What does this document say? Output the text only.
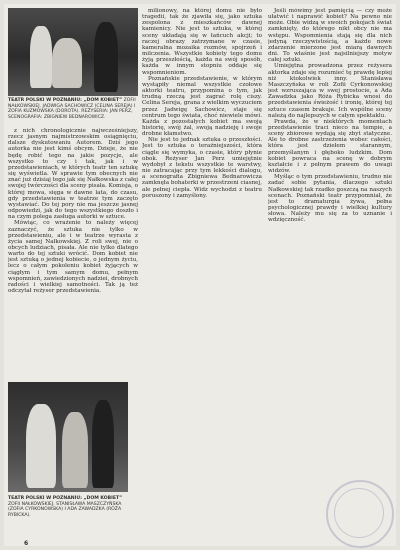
TEATR POLSKI W POZNANIU: „DOM KOBIET” ZOFII NAŁKOWSKIEJ. JADWIGA SACHOWICZ (CELINA SEREJA) I ZOFIA KUZMOWSKA (DOROTA). REŻYSERIA: JAN PERZ, SCENOGRAFIA: ZBIGNIEW BEDNAROWICZ.

z nich chronologicznie najwcześniejszy, rzecz jasnym najmistrzowskim osiągnięciu, dalsze dyskutowaniu Autorem. Dziś jego autorka nie jest kimś obcym. Dzieje, że nie będę robić tego na jakie pozycje, ale wszystko to czy i tak, jak i w przedstawieniach, w których teatr ten sztukę się wyświetla. W sprawie tym obecnych nie znać już dzisiaj tego jak się Nałkowska z całej swojej twórczości dla sceny pisała. Komisja, o której mowa, sięga w dawne lata, do czasu, gdy przedstawienia w teatrze tym zaczęto wystawiać. Do tej pory nie ma jeszcze jasnej odpowiedzi, jak do tego wszystkiego doszło i na czym polega zasługa autorki w sztuce.

Mówiąc, co wrażenie to należy więcej zaznaczyć, że sztuka nie tylko w przedstawieniu, ale i w teatrze wyrasta z życia samej Nałkowskiej. Z roli swej, nie o obcych ludziach, pisała. Ale nie tylko dlatego warto do tej sztuki wrócić. Dom kobiet nie jest sztuką o jednej kobiecie, o jednym życiu, lecz o całym pokoleniu kobiet żyjących w ciągłym i tym samym domu, pełnym wspomnień, zawiedzionych nadziei, drobnych radości i wielkiej samotności. Tak ją też odczytał reżyser przedstawienia.

TEATR POLSKI W POZNANIU: „DOM KOBIET” ZOFII NAŁKOWSKIEJ. STANISŁAWA MASZCZYŃSKA (ZOFIA CYRKONOWSKA) I ADA ZAWADZKA (RÓŻA RYBICKA).

milionowy, na której domu nie było tragedii, tak że zjawiła się, jako sztuka zespolona z mieszkańców dawnej kamienicy. Nie jest to sztuka, w której sceny układają się w łańcuch akcji; to raczej obrazy zatrzymane w czasie, kameralna mozaika rozmów, spojrzeń i milczenia. Wszystkie kobiety tego domu żyją przeszłością, każda na swój sposób, każda w innym stopniu oddaje się wspomnieniom.

Poznańskie przedstawienie, w którym wystąpiły niemal wszystkie czołowe aktorki teatru, przypomina o tym, jak trudną rzeczą jest zagrać rolę ciszy. Celina Sereja, grana z wielkim wyczuciem przez Jadwigę Sachowicz, staje się centrum tego świata, choć niewiele mówi. Każda z pozostałych kobiet ma swoją historię, swój żal, swoją nadzieję i swoje drobne kłamstwo.

Nie jest to jednak sztuka o przeszłości. Jest to sztuka o teraźniejszości, która ciągle się wymyka, o czasie, który płynie obok. Reżyser Jan Perz umiejętnie wydobył z tekstu wszystkie te warstwy, nie zatracając przy tym lekkości dialogu, a scenografia Zbigniewa Bednarowicza zamknęła bohaterki w przestrzeni ciasnej, ale pełnej ciepła. Widz wychodzi z teatru poruszony i zamyślony.

Jeśli mówimy jest pamięcią — czy może ułatwić i naprawić kobiet? Na pewno nie może. Obie widzą w swoich pokojach świat zamknięty, do którego nikt obcy nie ma wstępu. Wspomnienia stają się dla nich jedyną rzeczywistością, a każde nowe zdarzenie mierzone jest miarą dawnych dni. To właśnie jest najsilniejszy motyw całej sztuki.

Umiejętna prowadzona przez reżysera aktorka zdaje się rozumieć tę prawdę lepiej niż ktokolwiek inny. Stanisława Maszczyńska w roli Zofii Cyrkonowskiej jest wzruszająca w swej prostocie, a Ada Zawadzka jako Róża Rybicka wnosi do przedstawienia świeżość i ironię, której tej sztuce czasem brakuje. Ich wspólne sceny należą do najlepszych w całym spektaklu.

Prawda, że w niektórych momentach przedstawienie traci nieco na tempie, a sceny zbiorowe wydają się zbyt statyczne. Ale to drobne zastrzeżenia wobec całości, która jest dziełem starannym, przemyślanym i głęboko ludzkim. Dom kobiet powraca na scenę w dobrym kształcie i z pełnym prawem do uwagi widzów.

Myśląc o tym przedstawieniu, trudno nie zadać sobie pytania, dlaczego sztuki Nałkowskiej tak rzadko goszczą na naszych scenach. Poznański teatr przypomniał, że jest to dramaturgia żywa, pełna psychologicznej prawdy i wielkiej kultury słowa. Należy mu się za to uznanie i wdzięczność.

6
